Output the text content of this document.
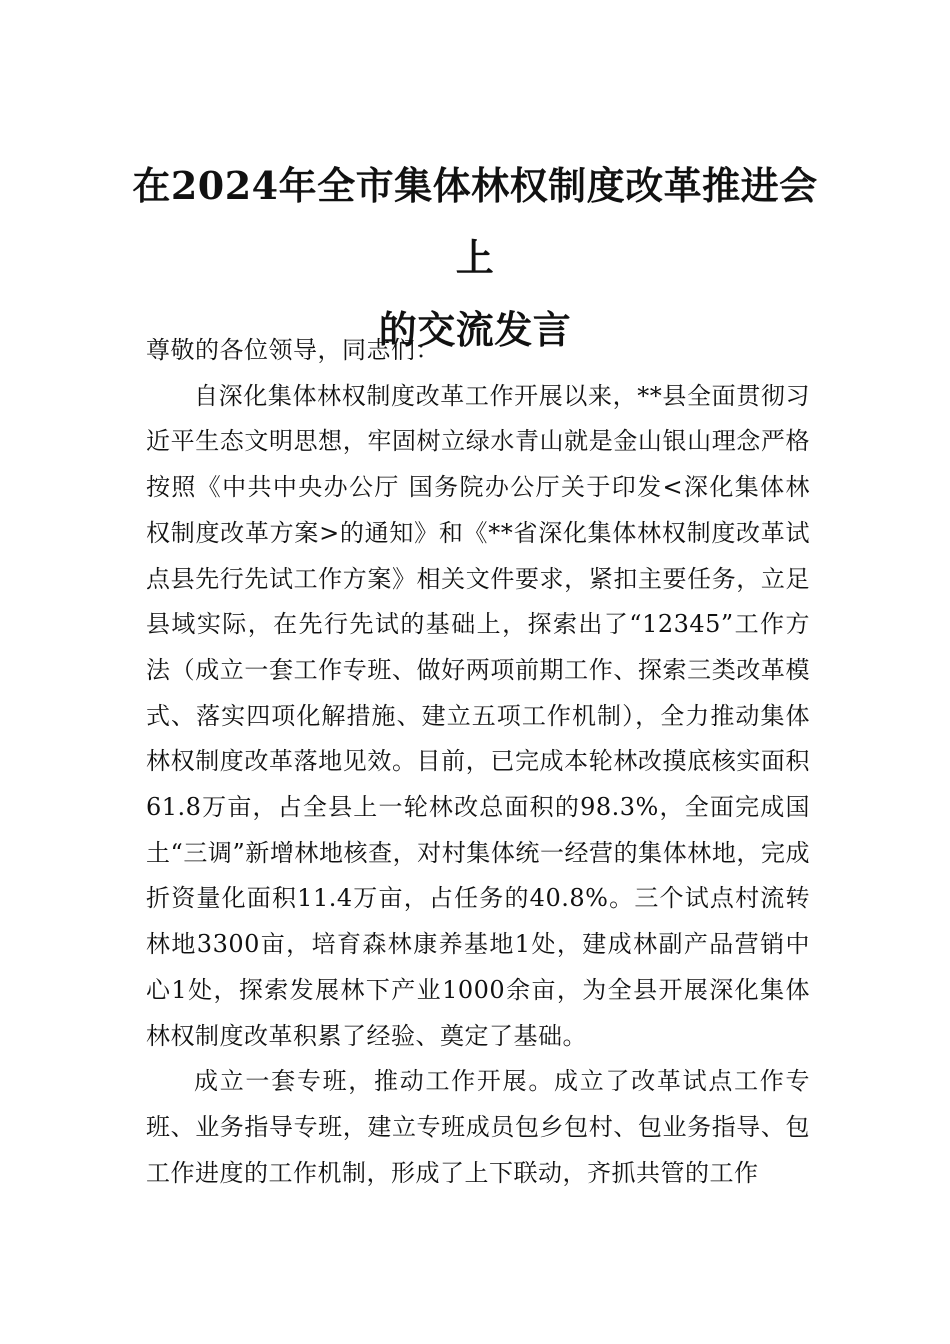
在2024年全市集体林权制度改革推进会上
的交流发言

尊敬的各位领导，同志们：

自深化集体林权制度改革工作开展以来，**县全面贯彻习近平生态文明思想，牢固树立绿水青山就是金山银山理念严格按照《中共中央办公厅 国务院办公厅关于印发<深化集体林权制度改革方案>的通知》和《**省深化集体林权制度改革试点县先行先试工作方案》相关文件要求，紧扣主要任务，立足县域实际，在先行先试的基础上，探索出了“12345”工作方法（成立一套工作专班、做好两项前期工作、探索三类改革模式、落实四项化解措施、建立五项工作机制），全力推动集体林权制度改革落地见效。目前，已完成本轮林改摸底核实面积61.8万亩，占全县上一轮林改总面积的98.3%，全面完成国土“三调”新增林地核查，对村集体统一经营的集体林地，完成折资量化面积11.4万亩，占任务的40.8%。三个试点村流转林地3300亩，培育森林康养基地1处，建成林副产品营销中心1处，探索发展林下产业1000余亩，为全县开展深化集体林权制度改革积累了经验、奠定了基础。

成立一套专班，推动工作开展。成立了改革试点工作专班、业务指导专班，建立专班成员包乡包村、包业务指导、包工作进度的工作机制，形成了上下联动，齐抓共管的工作
